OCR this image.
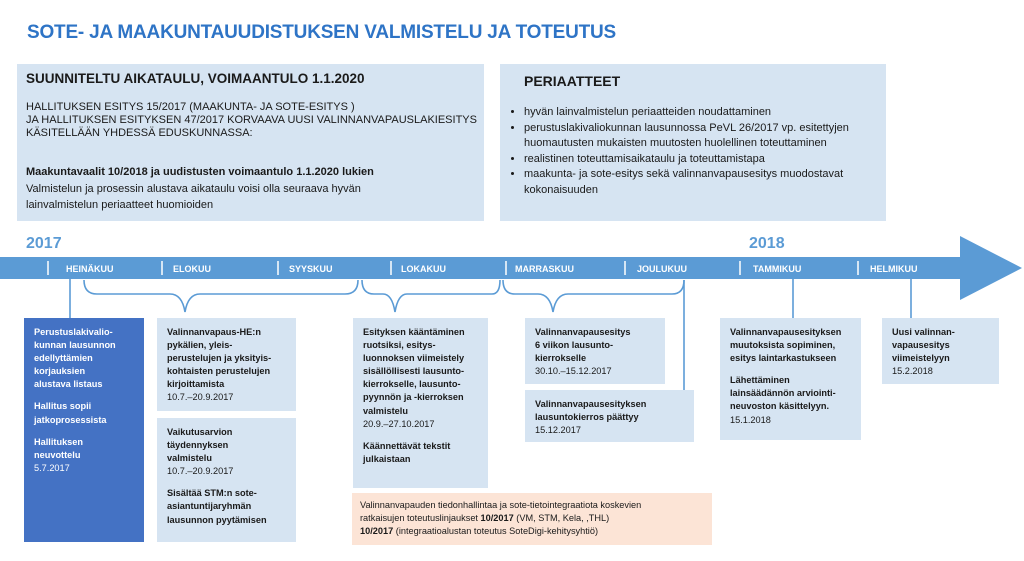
SOTE- JA MAAKUNTAUUDISTUKSEN VALMISTELU JA TOTEUTUS
SUUNNITELTU AIKATAULU, VOIMAANTULO 1.1.2020
HALLITUKSEN ESITYS 15/2017 (MAAKUNTA- JA SOTE-ESITYS )
JA HALLITUKSEN ESITYKSEN 47/2017 KORVAAVA UUSI VALINNANVAPAUSLAKIESITYS
KÄSITELLÄÄN YHDESSÄ EDUSKUNNASSA:
Maakuntavaalit 10/2018 ja uudistusten voimaantulo 1.1.2020 lukien
Valmistelun ja prosessin alustava aikataulu voisi olla seuraava hyvän
lainvalmistelun periaatteet huomioiden
PERIAATTEET
• hyvän lainvalmistelun periaatteiden noudattaminen
• perustuslakivaliokunnan lausunnossa PeVL 26/2017 vp. esitettyjen huomautusten mukaisten muutosten huolellinen toteuttaminen
• realistinen toteuttamisaikataulu ja toteuttamistapa
• maakunta- ja sote-esitys sekä valinnanvapausesitys muodostavat kokonaisuuden
2017	2018
HEINÄKUU	ELOKUU	SYYSKUU	LOKAKUU	MARRASKUU	JOULUKUU	TAMMIKUU	HELMIKUU
Perustuslakivalio-
kunnan lausunnon
edellyttämien
korjauksien
alustava listaus
Hallitus sopii
jatkoprosessista
Hallituksen
neuvottelu
5.7.2017
Valinnanvapaus-HE:n
pykälien, yleis-
perustelujen ja yksityis-
kohtaisten perustelujen
kirjoittamista
10.7.–20.9.2017
Vaikutusarvion
täydennyksen
valmistelu
10.7.–20.9.2017
Sisältää STM:n sote-
asiantuntijaryhmän
lausunnon pyytämisen
Esityksen kääntäminen
ruotsiksi, esitys-
luonnoksen viimeistely
sisällöllisesti lausunto-
kierrokselle, lausunto-
pyynnön ja -kierroksen
valmistelu
20.9.–27.10.2017
Käännettävät tekstit
julkaistaan
Valinnanvapausesitys
6 viikon lausunto-
kierrokselle
30.10.–15.12.2017
Valinnanvapausesityksen
lausuntokierros päättyy
15.12.2017
Valinnanvapausesityksen
muutoksista sopiminen,
esitys laintarkastukseen
Lähettäminen
lainsäädännön arviointi-
neuvoston käsittelyyn.
15.1.2018
Uusi valinnan-
vapausesitys
viimeistelyyn
15.2.2018
Valinnanvapauden tiedonhallintaa ja sote-tietointegraatiota koskevien
ratkaisujen toteutuslinjaukset 10/2017 (VM, STM, Kela, ,THL)
10/2017 (integraatioalustan toteutus SoteDigi-kehitysyhtiö)
